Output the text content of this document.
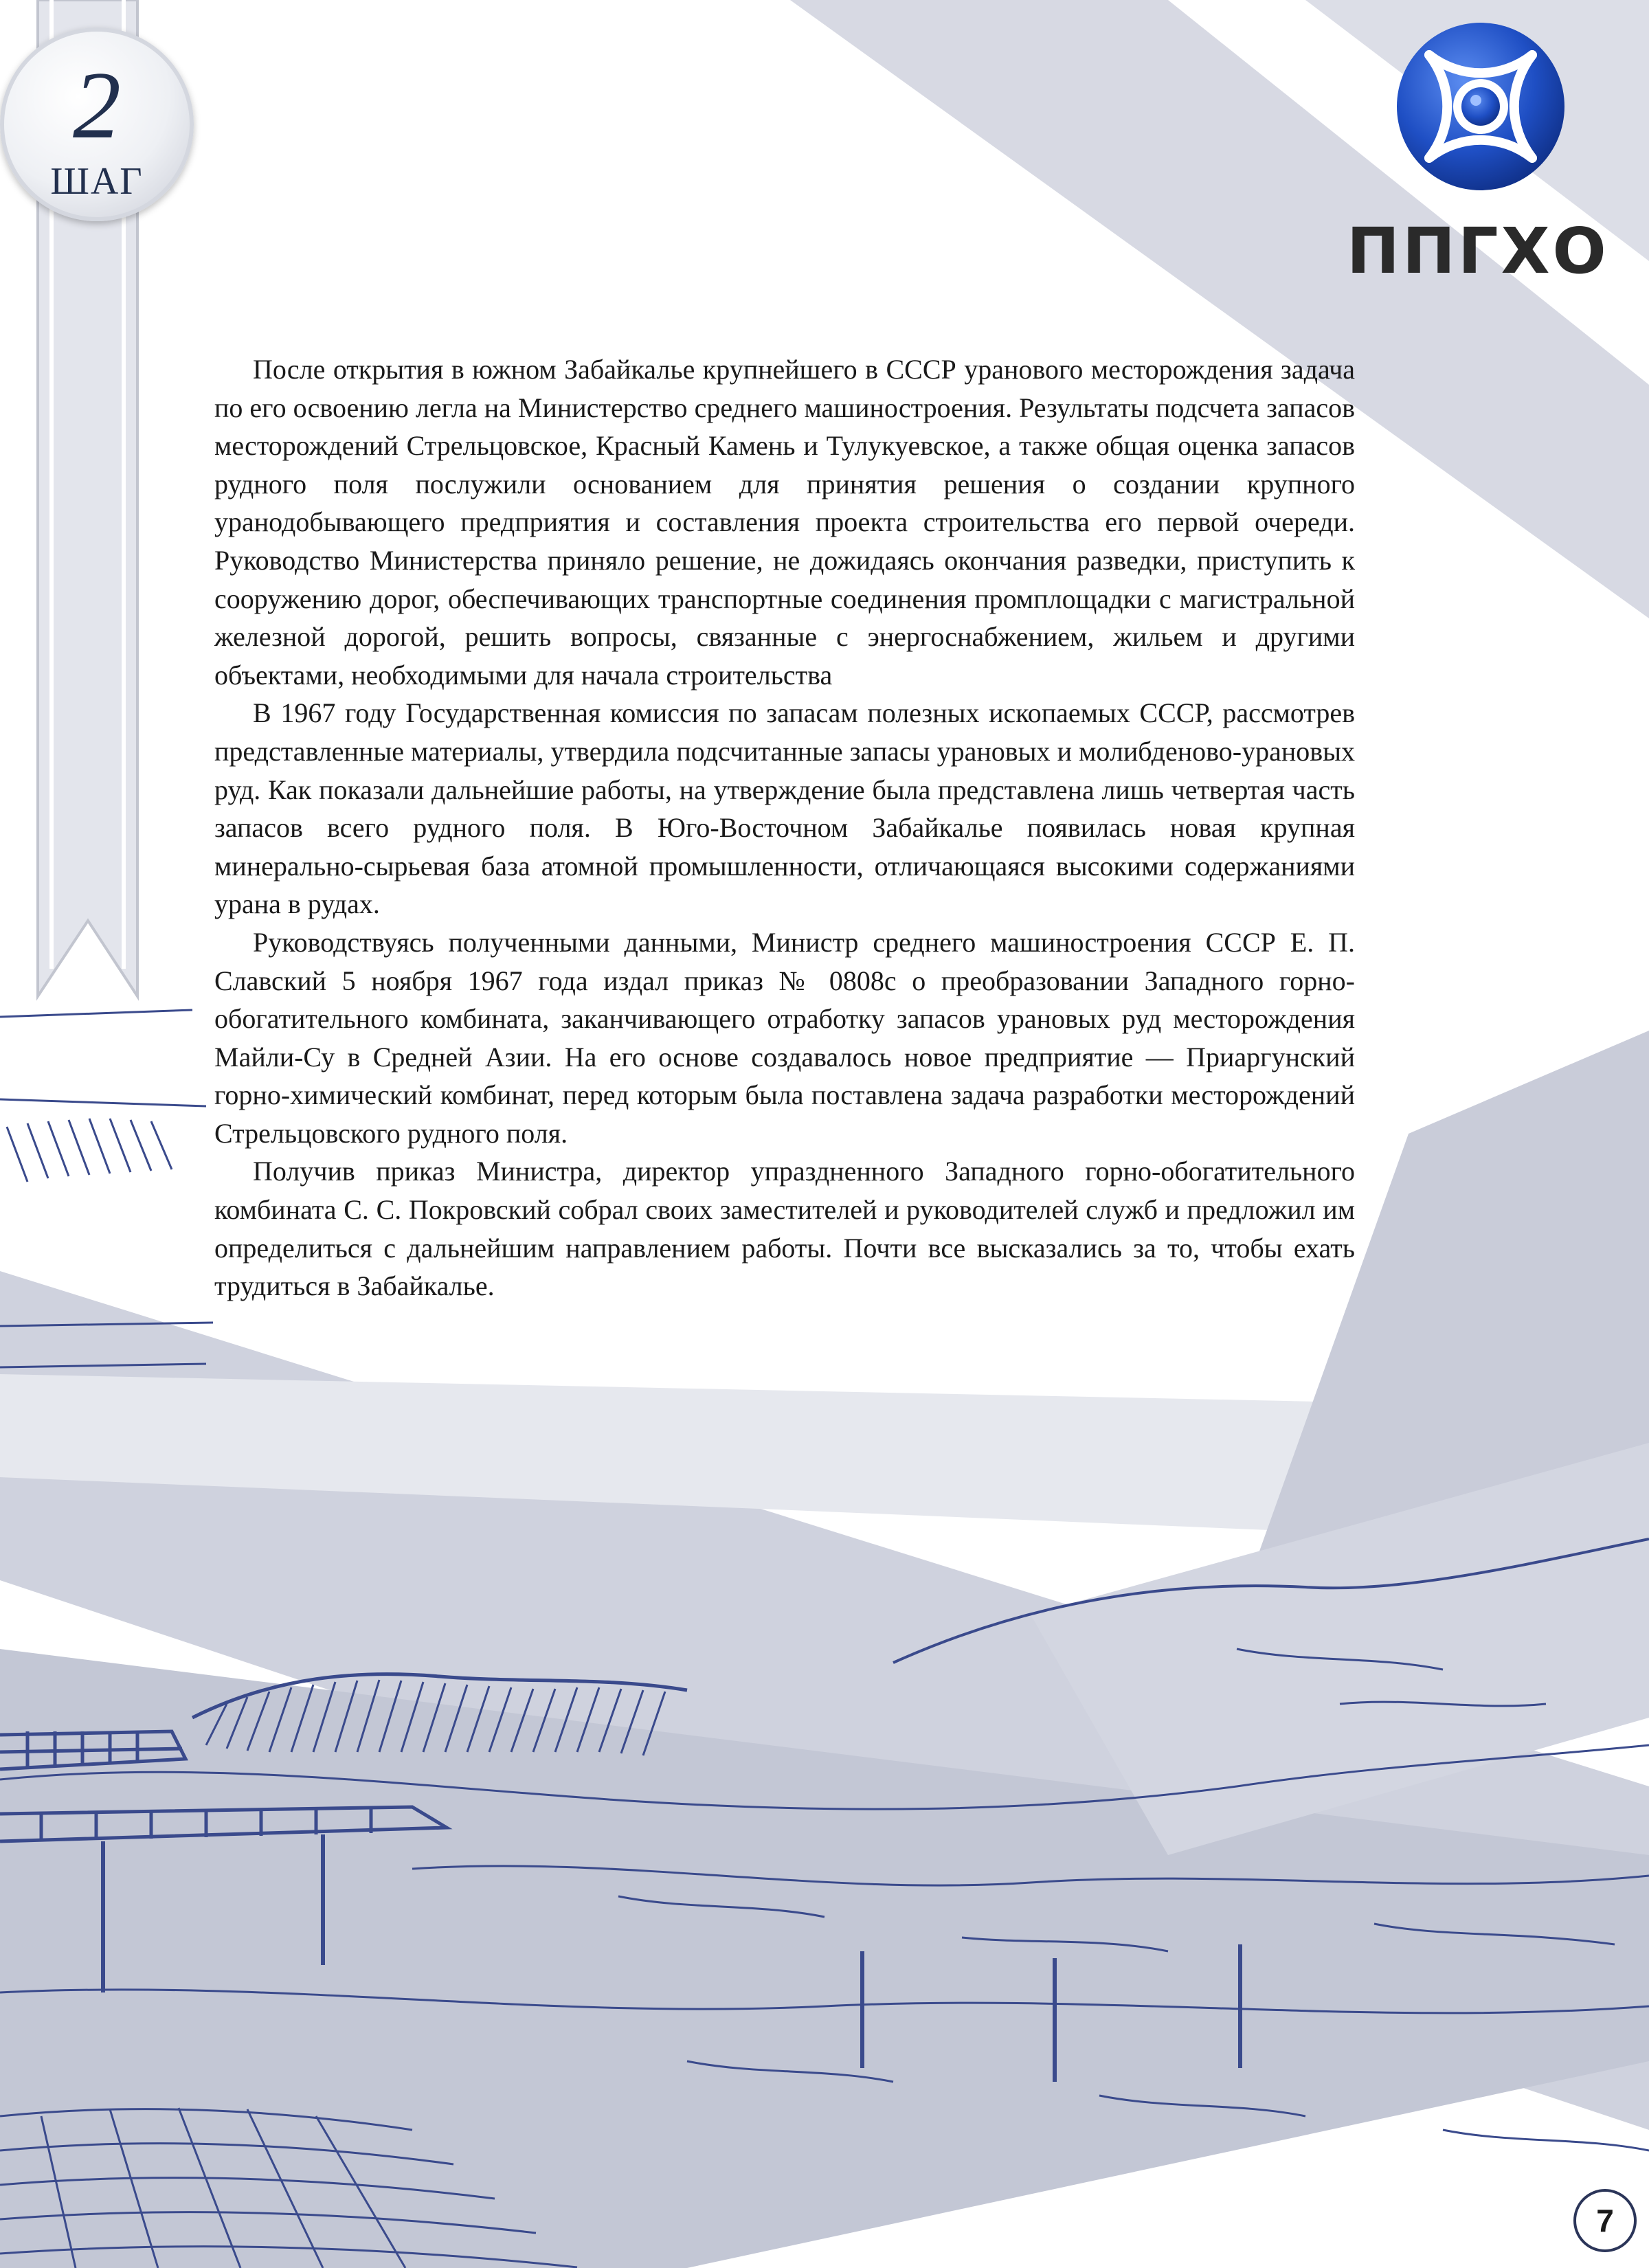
2
ШАГ
ППГХО

После открытия в южном Забайкалье крупнейшего в СССР уранового месторождения задача по его освоению легла на Министерство среднего машиностроения. Результаты подсчета запасов месторождений Стрельцовское, Красный Камень и Тулукуевское, а также общая оценка запасов рудного поля послужили основанием для принятия решения о создании крупного уранодобывающего предприятия и составления проекта строительства его первой очереди. Руководство Министерства приняло решение, не дожидаясь окончания разведки, приступить к сооружению дорог, обеспечивающих транспортные соединения промплощадки с магистральной железной дорогой, решить вопросы, связанные с энергоснабжением, жильем и другими объектами, необходимыми для начала строительства

В 1967 году Государственная комиссия по запасам полезных ископаемых СССР, рассмотрев представленные материалы, утвердила подсчитанные запасы урановых и молибденово-урановых руд. Как показали дальнейшие работы, на утверждение была представлена лишь четвертая часть запасов всего рудного поля. В Юго-Восточном Забайкалье появилась новая крупная минерально-сырьевая база атомной промышленности, отличающаяся высокими содержаниями урана в рудах.

Руководствуясь полученными данными, Министр среднего машиностроения СССР Е. П. Славский 5 ноября 1967 года издал приказ № 0808с о преобразовании Западного горно-обогатительного комбината, заканчивающего отработку запасов урановых руд месторождения Майли-Су в Средней Азии. На его основе создавалось новое предприятие — Приаргунский горно-химический комбинат, перед которым была поставлена задача разработки месторождений Стрельцовского рудного поля.

Получив приказ Министра, директор упраздненного Западного горно-обогатительного комбината С. С. Покровский собрал своих заместителей и руководителей служб и предложил им определиться с дальнейшим направлением работы. Почти все высказались за то, чтобы ехать трудиться в Забайкалье.

7
